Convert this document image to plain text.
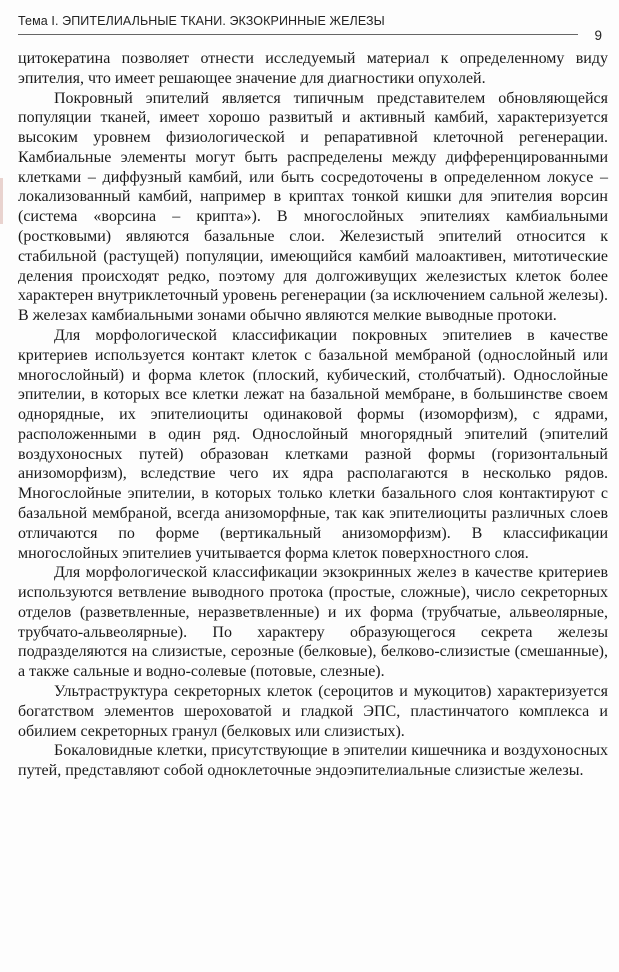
Тема I. ЭПИТЕЛИАЛЬНЫЕ ТКАНИ. ЭКЗОКРИННЫЕ ЖЕЛЕЗЫ
9

цитокератина позволяет отнести исследуемый материал к определенному виду эпителия, что имеет решающее значение для диагностики опухолей.

Покровный эпителий является типичным представителем обновляющейся популяции тканей, имеет хорошо развитый и активный камбий, характеризуется высоким уровнем физиологической и репаративной клеточной регенерации. Камбиальные элементы могут быть распределены между дифференцированными клетками – диффузный камбий, или быть сосредоточены в определенном локусе – локализованный камбий, например в криптах тонкой кишки для эпителия ворсин (система «ворсина – крипта»). В многослойных эпителиях камбиальными (ростковыми) являются базальные слои. Железистый эпителий относится к стабильной (растущей) популяции, имеющийся камбий малоактивен, митотические деления происходят редко, поэтому для долгоживущих железистых клеток более характерен внутриклеточный уровень регенерации (за исключением сальной железы). В железах камбиальными зонами обычно являются мелкие выводные протоки.

Для морфологической классификации покровных эпителиев в качестве критериев используется контакт клеток с базальной мембраной (однослойный или многослойный) и форма клеток (плоский, кубический, столбчатый). Однослойные эпителии, в которых все клетки лежат на базальной мембране, в большинстве своем однорядные, их эпителиоциты одинаковой формы (изоморфизм), с ядрами, расположенными в один ряд. Однослойный многорядный эпителий (эпителий воздухоносных путей) образован клетками разной формы (горизонтальный анизоморфизм), вследствие чего их ядра располагаются в несколько рядов. Многослойные эпителии, в которых только клетки базального слоя контактируют с базальной мембраной, всегда анизоморфные, так как эпителиоциты различных слоев отличаются по форме (вертикальный анизоморфизм). В классификации многослойных эпителиев учитывается форма клеток поверхностного слоя.

Для морфологической классификации экзокринных желез в качестве критериев используются ветвление выводного протока (простые, сложные), число секреторных отделов (разветвленные, неразветвленные) и их форма (трубчатые, альвеолярные, трубчато-альвеолярные). По характеру образующегося секрета железы подразделяются на слизистые, серозные (белковые), белково-слизистые (смешанные), а также сальные и водно-солевые (потовые, слезные).

Ультраструктура секреторных клеток (сероцитов и мукоцитов) характеризуется богатством элементов шероховатой и гладкой ЭПС, пластинчатого комплекса и обилием секреторных гранул (белковых или слизистых).

Бокаловидные клетки, присутствующие в эпителии кишечника и воздухоносных путей, представляют собой одноклеточные эндоэпителиальные слизистые железы.
